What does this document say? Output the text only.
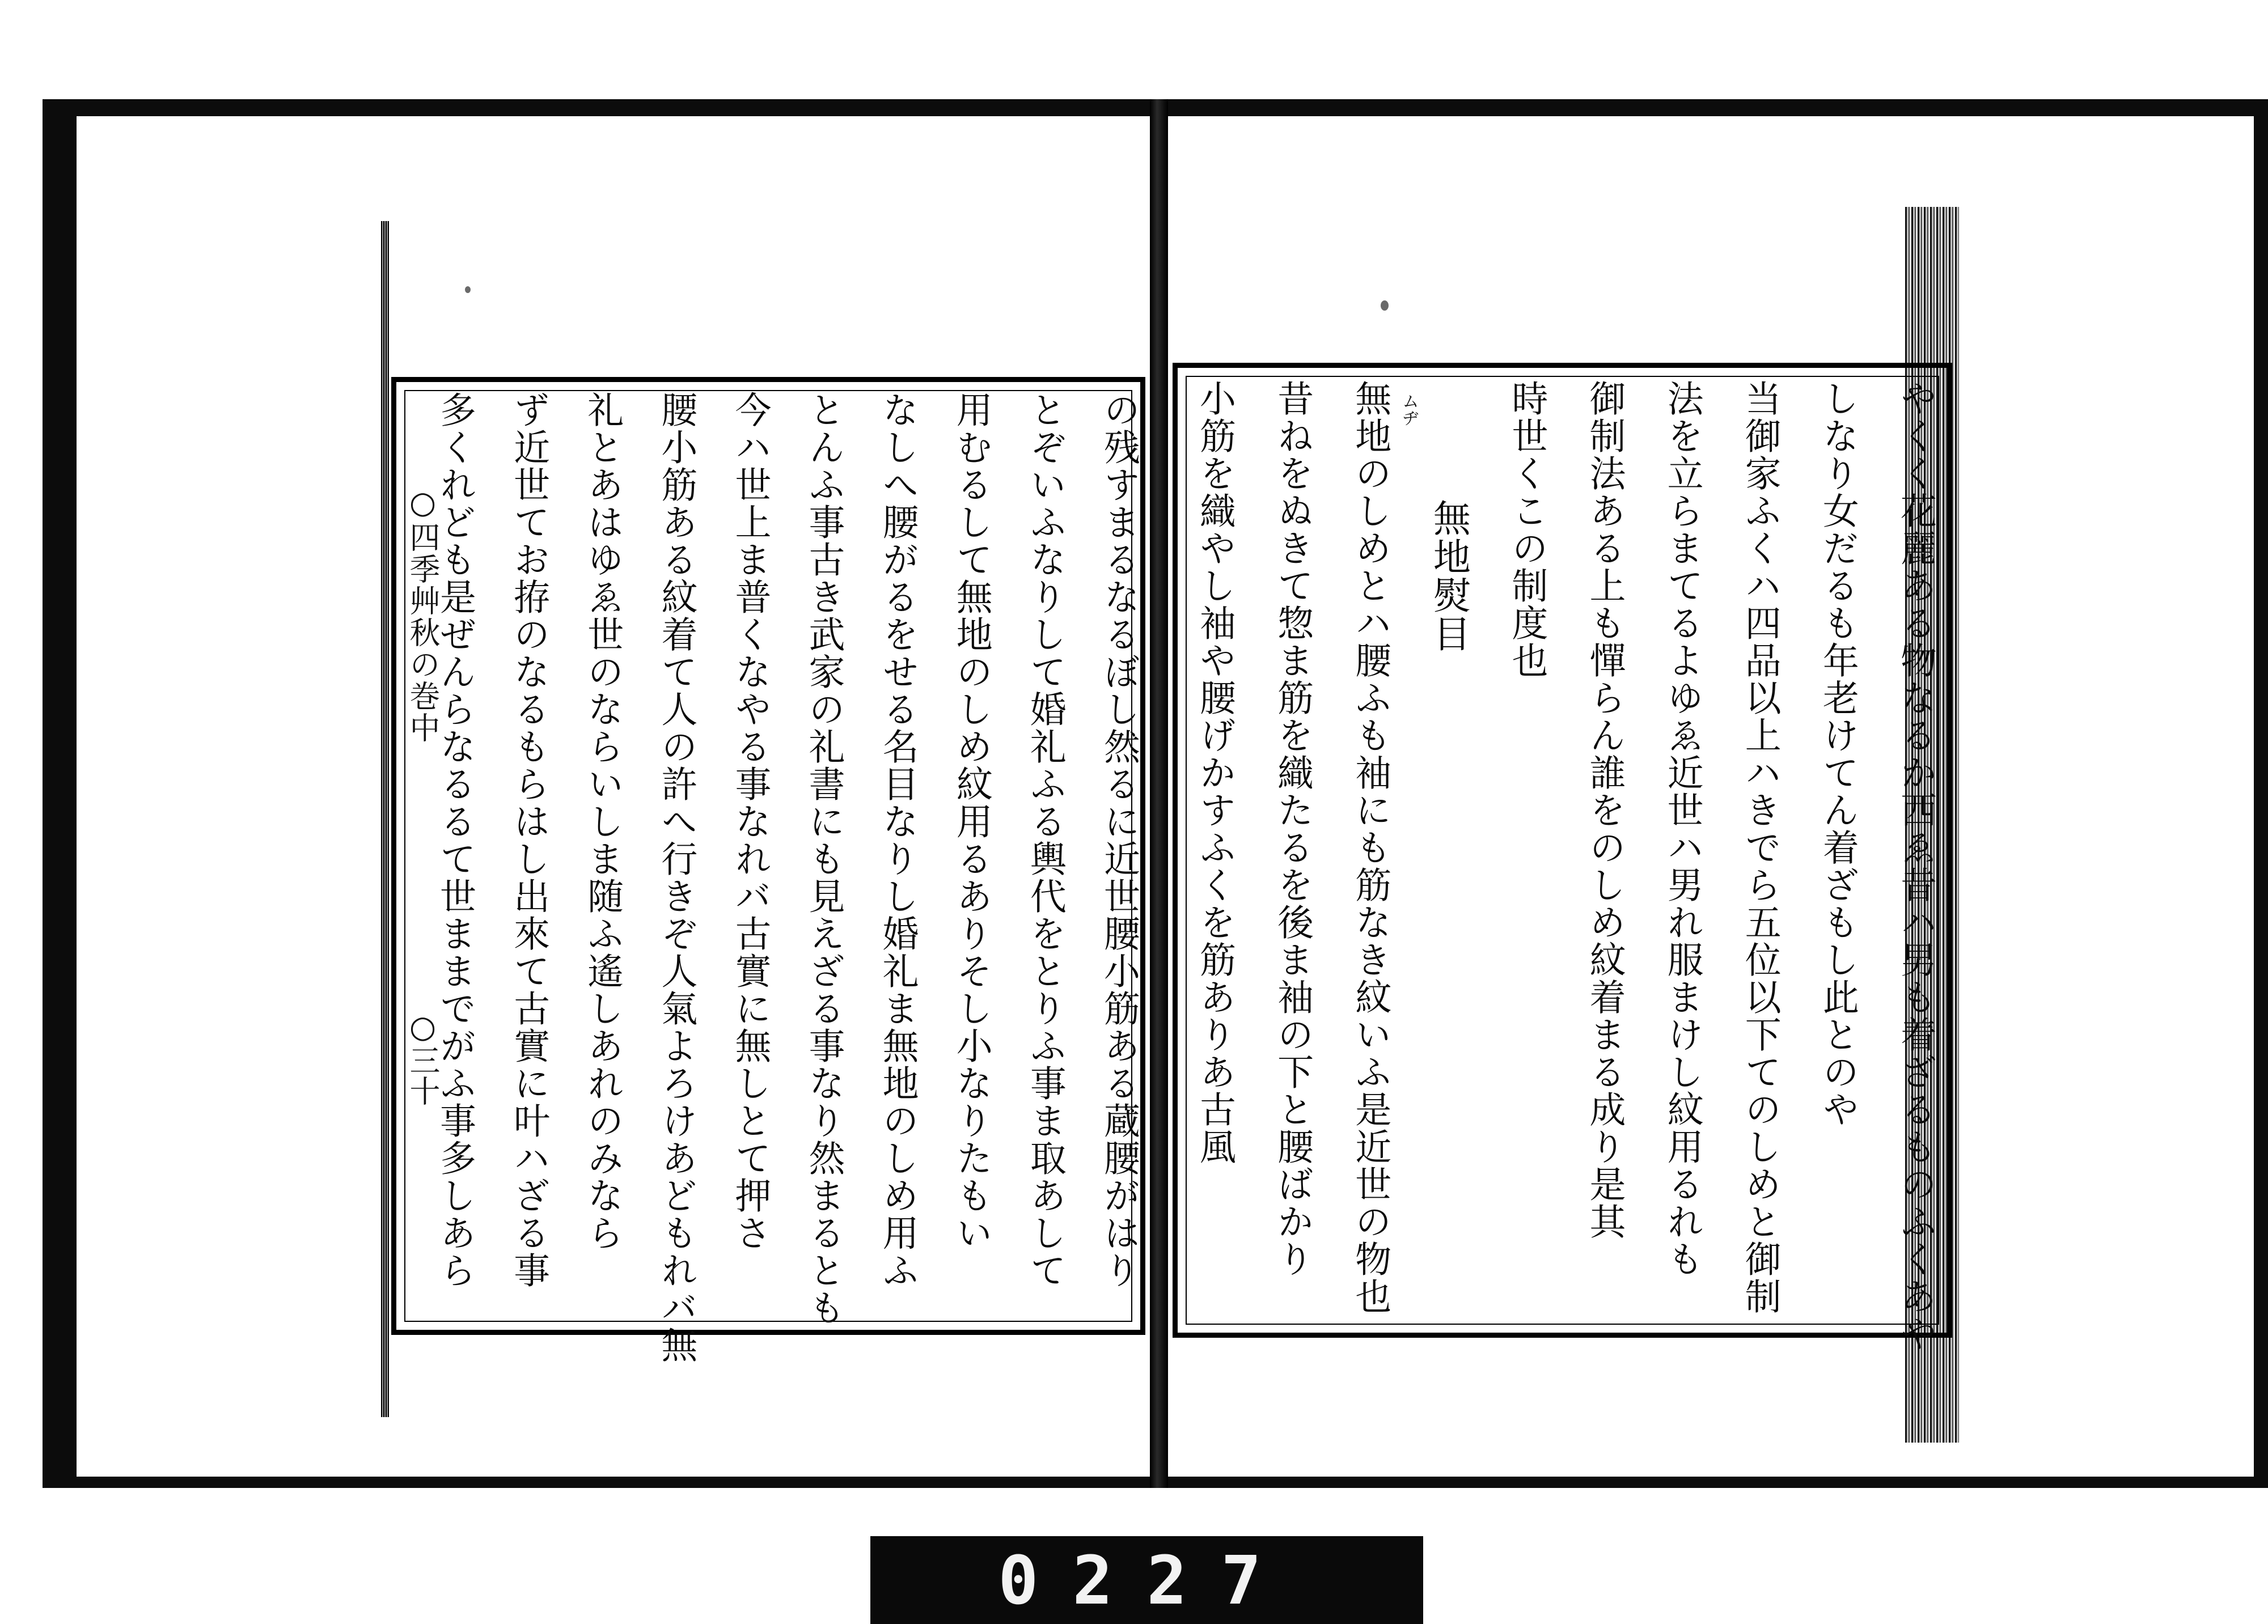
○四季艸秋の巻中
○三十	の残すまるなるぼし然るに近世腰小筋ある蔵腰がはり
とぞいふなりして婚礼ふる輿代をとりふ事ま取あして
用むるして無地のしめ紋用るありそし小なりたもい
なしへ腰がるをせる名目なりし婚礼ま無地のしめ用ふ
とんふ事古き武家の礼書にも見えざる事なり然まるとも
今ハ世上ま普くなやる事なれバ古實に無しとて押さ
腰小筋ある紋着て人の許へ行きぞ人氣よろけあどもれバ無
礼とあはゆゑ世のならいしま随ふ遙しあれのみなら
ず近世てお拵のなるもらはし出來て古實に叶ハざる事
多くれども是ぜんらなるるて世ままでがふ事多しあら	やくく花麗ある物なるか西ゑ昔ハ男も着ざるものふくあや
しなり女だるも年老けてん着ざもし此とのや
当御家ふくハ四品以上ハきでら五位以下てのしめと御制
法を立らまてるよゆゑ近世ハ男れ服まけし紋用るれも
御制法ある上も憚らん誰をのしめ紋着まる成り是其
時世くこの制度也
無地熨目
無地のしめとハ腰ふも袖にも筋なき紋いふ是近世の物也
昔ねをぬきて惣ま筋を織たるを後ま袖の下と腰ばかり
小筋を織やし袖や腰げかすふくを筋ありあ古風	ムヂ
0227
